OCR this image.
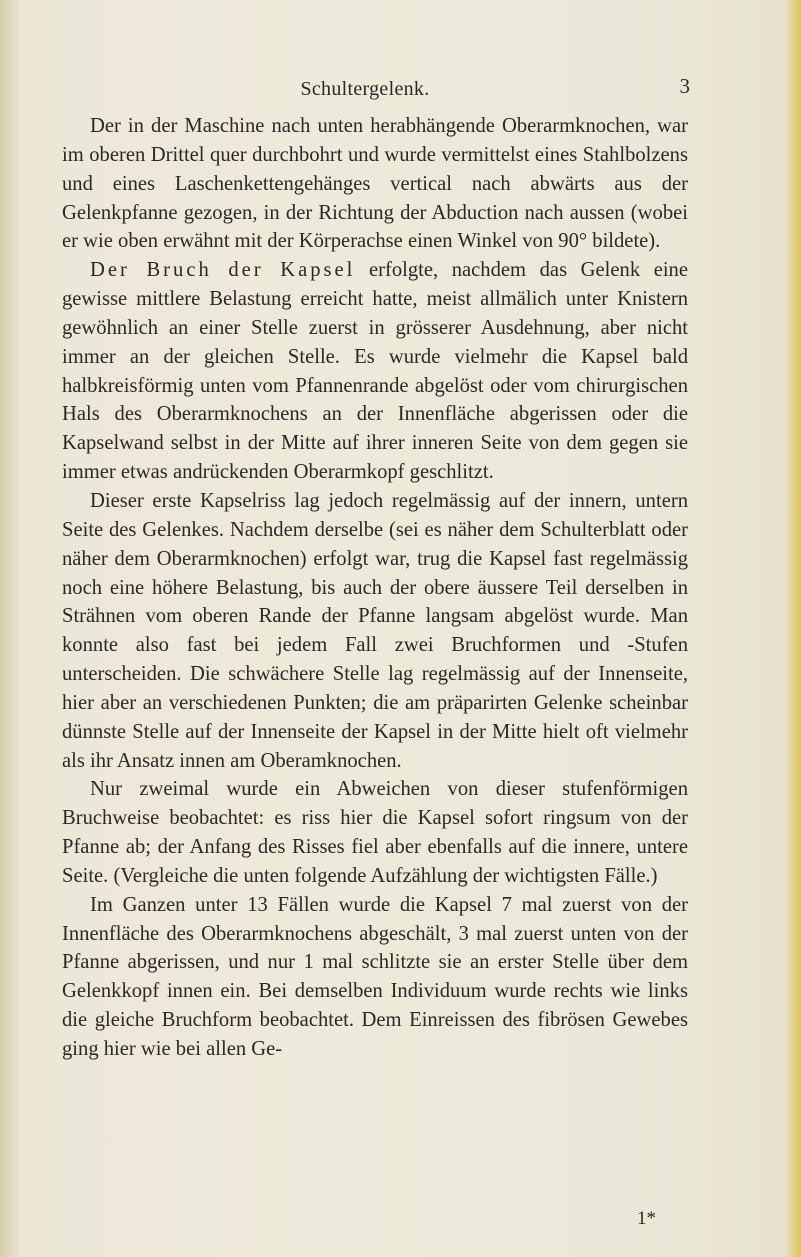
Schultergelenk.	3

Der in der Maschine nach unten herabhängende Oberarmknochen, war im oberen Drittel quer durchbohrt und wurde vermittelst eines Stahlbolzens und eines Laschenkettengehänges vertical nach abwärts aus der Gelenkpfanne gezogen, in der Richtung der Abduction nach aussen (wobei er wie oben erwähnt mit der Körperachse einen Winkel von 90° bildete).

Der Bruch der Kapsel erfolgte, nachdem das Gelenk eine gewisse mittlere Belastung erreicht hatte, meist allmälich unter Knistern gewöhnlich an einer Stelle zuerst in grösserer Ausdehnung, aber nicht immer an der gleichen Stelle. Es wurde vielmehr die Kapsel bald halbkreisförmig unten vom Pfannenrande abgelöst oder vom chirurgischen Hals des Oberarmknochens an der Innenfläche abgerissen oder die Kapselwand selbst in der Mitte auf ihrer inneren Seite von dem gegen sie immer etwas andrückenden Oberarmkopf geschlitzt.

Dieser erste Kapselriss lag jedoch regelmässig auf der innern, untern Seite des Gelenkes. Nachdem derselbe (sei es näher dem Schulterblatt oder näher dem Oberarmknochen) erfolgt war, trug die Kapsel fast regelmässig noch eine höhere Belastung, bis auch der obere äussere Teil derselben in Strähnen vom oberen Rande der Pfanne langsam abgelöst wurde. Man konnte also fast bei jedem Fall zwei Bruchformen und -Stufen unterscheiden. Die schwächere Stelle lag regelmässig auf der Innenseite, hier aber an verschiedenen Punkten; die am präparirten Gelenke scheinbar dünnste Stelle auf der Innenseite der Kapsel in der Mitte hielt oft vielmehr als ihr Ansatz innen am Oberamknochen.

Nur zweimal wurde ein Abweichen von dieser stufenförmigen Bruchweise beobachtet: es riss hier die Kapsel sofort ringsum von der Pfanne ab; der Anfang des Risses fiel aber ebenfalls auf die innere, untere Seite. (Vergleiche die unten folgende Aufzählung der wichtigsten Fälle.)

Im Ganzen unter 13 Fällen wurde die Kapsel 7 mal zuerst von der Innenfläche des Oberarmknochens abgeschält, 3 mal zuerst unten von der Pfanne abgerissen, und nur 1 mal schlitzte sie an erster Stelle über dem Gelenkkopf innen ein. Bei demselben Individuum wurde rechts wie links die gleiche Bruchform beobachtet. Dem Einreissen des fibrösen Gewebes ging hier wie bei allen Ge-

1*
